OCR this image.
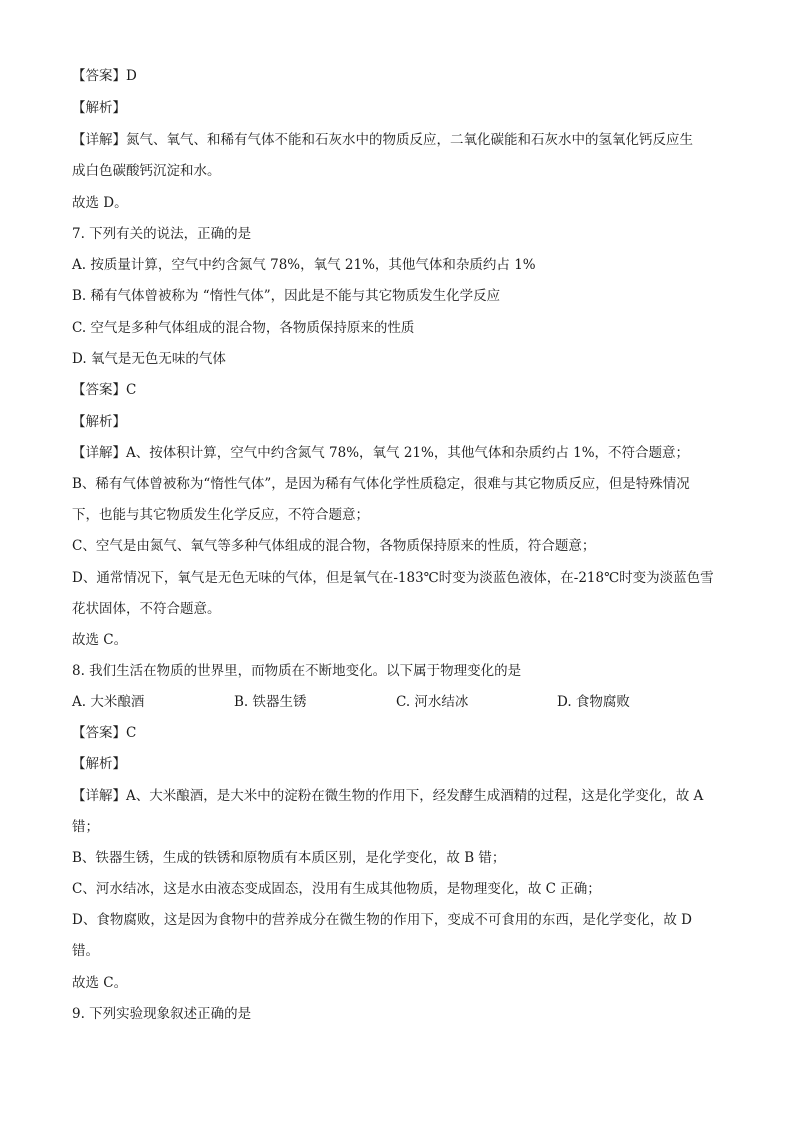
【答案】D
【解析】
【详解】氮气、氧气、和稀有气体不能和石灰水中的物质反应，二氧化碳能和石灰水中的氢氧化钙反应生
成白色碳酸钙沉淀和水。
故选 D。
7. 下列有关的说法，正确的是
A. 按质量计算，空气中约含氮气 78%，氧气 21%，其他气体和杂质约占 1%
B. 稀有气体曾被称为 “惰性气体”，因此是不能与其它物质发生化学反应
C. 空气是多种气体组成的混合物，各物质保持原来的性质
D. 氧气是无色无味的气体
【答案】C
【解析】
【详解】A、按体积计算，空气中约含氮气 78%，氧气 21%，其他气体和杂质约占 1%，不符合题意；
B、稀有气体曾被称为“惰性气体”，是因为稀有气体化学性质稳定，很难与其它物质反应，但是特殊情况
下，也能与其它物质发生化学反应，不符合题意；
C、空气是由氮气、氧气等多种气体组成的混合物，各物质保持原来的性质，符合题意；
D、通常情况下，氧气是无色无味的气体，但是氧气在-183℃时变为淡蓝色液体，在-218℃时变为淡蓝色雪
花状固体，不符合题意。
故选 C。
8. 我们生活在物质的世界里，而物质在不断地变化。以下属于物理变化的是
A. 大米酿酒	B. 铁器生锈	C. 河水结冰	D. 食物腐败
【答案】C
【解析】
【详解】A、大米酿酒，是大米中的淀粉在微生物的作用下，经发酵生成酒精的过程，这是化学变化，故 A
错；
B、铁器生锈，生成的铁锈和原物质有本质区别，是化学变化，故 B 错；
C、河水结冰，这是水由液态变成固态，没用有生成其他物质，是物理变化，故 C 正确；
D、食物腐败，这是因为食物中的营养成分在微生物的作用下，变成不可食用的东西，是化学变化，故 D
错。
故选 C。
9. 下列实验现象叙述正确的是
